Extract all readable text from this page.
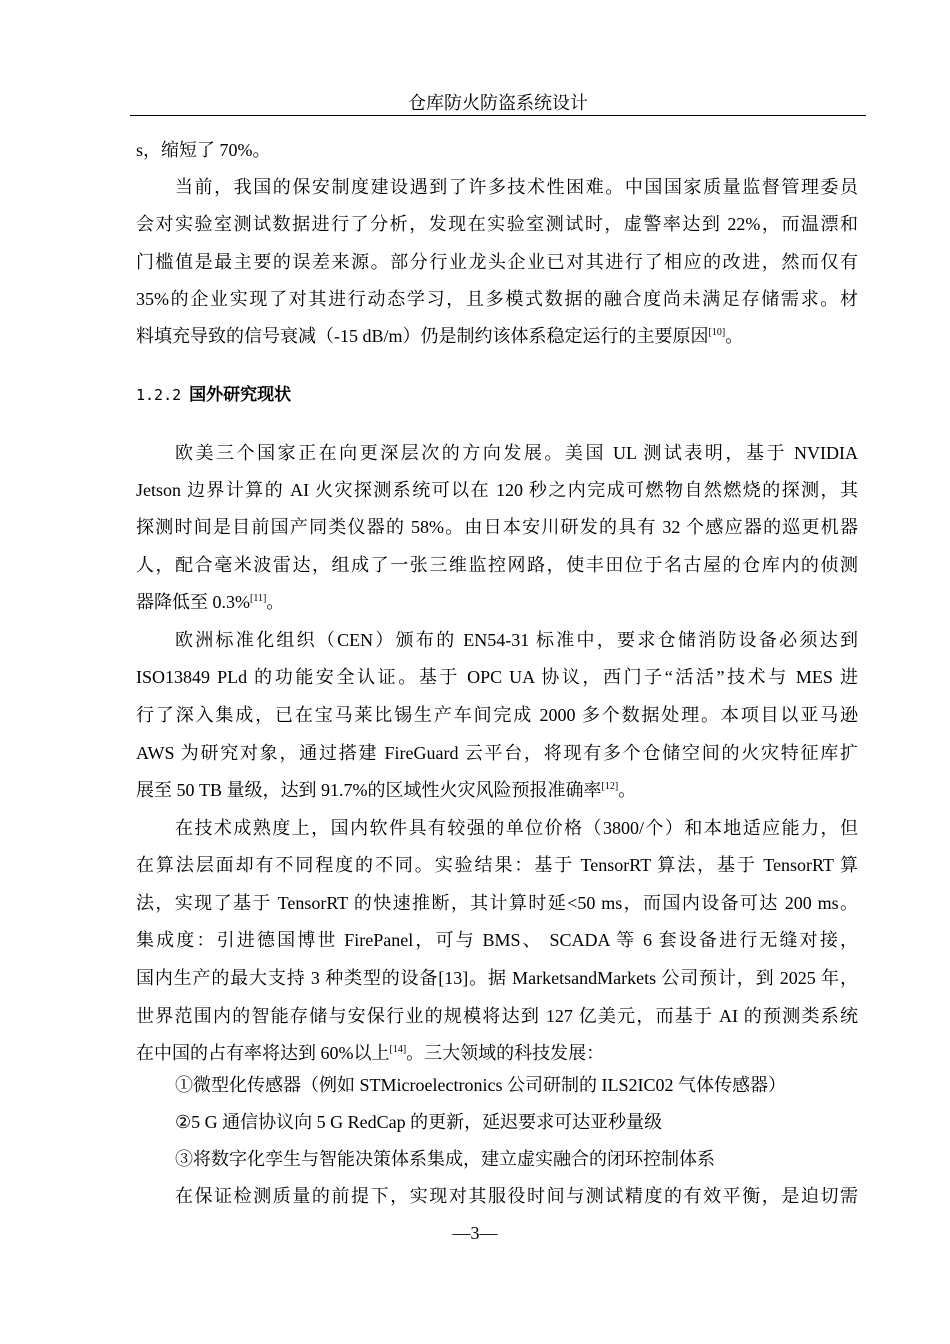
仓库防火防盗系统设计
1.2.2 国外研究现状
s，缩短了 70%。
当前，我国的保安制度建设遇到了许多技术性困难。中国国家质量监督管理委员
会对实验室测试数据进行了分析，发现在实验室测试时，虚警率达到 22%，而温漂和
门槛值是最主要的误差来源。部分行业龙头企业已对其进行了相应的改进，然而仅有
35%的企业实现了对其进行动态学习，且多模式数据的融合度尚未满足存储需求。材
料填充导致的信号衰减（-15 dB/m）仍是制约该体系稳定运行的主要原因[10]。
欧美三个国家正在向更深层次的方向发展。美国 UL 测试表明，基于 NVIDIA
Jetson 边界计算的 AI 火灾探测系统可以在 120 秒之内完成可燃物自然燃烧的探测，其
探测时间是目前国产同类仪器的 58%。由日本安川研发的具有 32 个感应器的巡更机器
人，配合毫米波雷达，组成了一张三维监控网路，使丰田位于名古屋的仓库内的侦测
器降低至 0.3%[11]。
欧洲标准化组织（CEN）颁布的 EN54-31 标准中，要求仓储消防设备必须达到
ISO13849 PLd 的功能安全认证。基于 OPC UA 协议，西门子“活活”技术与 MES 进
行了深入集成，已在宝马莱比锡生产车间完成 2000 多个数据处理。本项目以亚马逊
AWS 为研究对象，通过搭建 FireGuard 云平台，将现有多个仓储空间的火灾特征库扩
展至 50 TB 量级，达到 91.7%的区域性火灾风险预报准确率[12]。
在技术成熟度上，国内软件具有较强的单位价格（3800/个）和本地适应能力，但
在算法层面却有不同程度的不同。实验结果：基于 TensorRT 算法，基于 TensorRT 算
法，实现了基于 TensorRT 的快速推断，其计算时延<50 ms，而国内设备可达 200 ms。
集成度：引进德国博世 FirePanel，可与 BMS、 SCADA 等 6 套设备进行无缝对接，
国内生产的最大支持 3 种类型的设备[13]。据 MarketsandMarkets 公司预计，到 2025 年，
世界范围内的智能存储与安保行业的规模将达到 127 亿美元，而基于 AI 的预测类系统
在中国的占有率将达到 60%以上[14]。三大领域的科技发展：
①微型化传感器（例如 STMicroelectronics 公司研制的 ILS2IC02 气体传感器）
②5 G 通信协议向 5 G RedCap 的更新，延迟要求可达亚秒量级
③将数字化孪生与智能决策体系集成，建立虚实融合的闭环控制体系
在保证检测质量的前提下，实现对其服役时间与测试精度的有效平衡，是迫切需
—3—
